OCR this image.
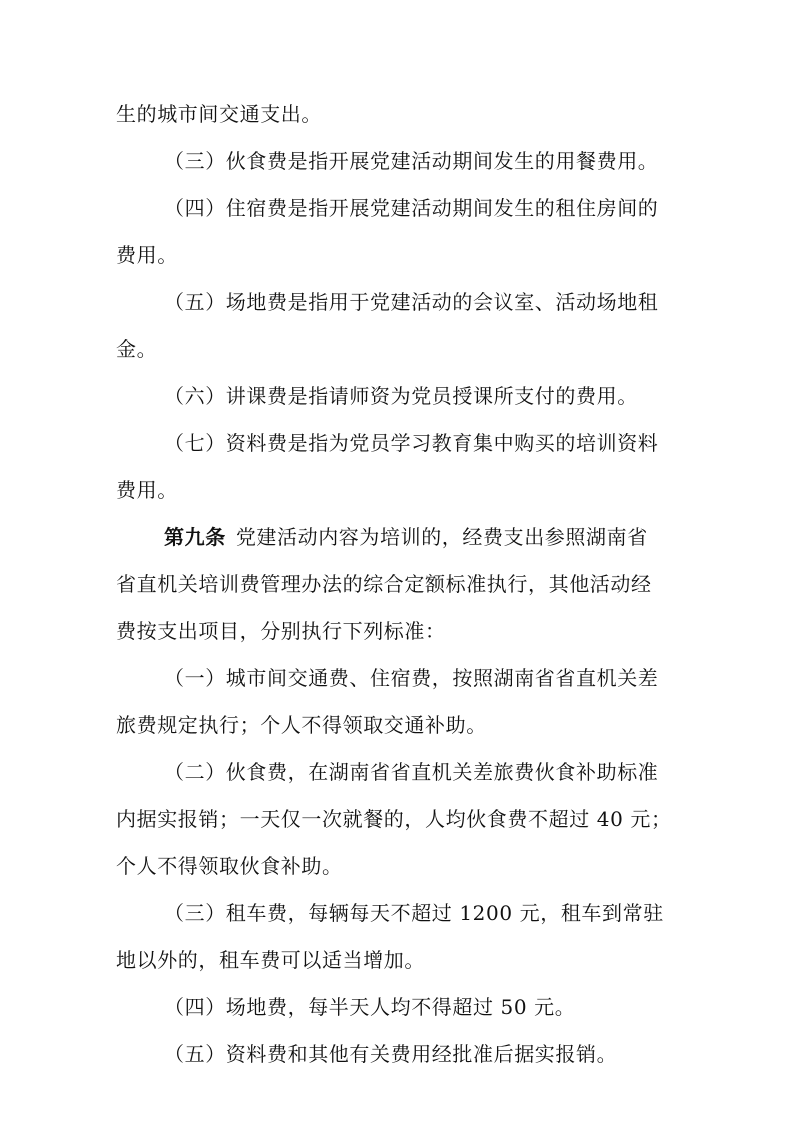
生的城市间交通支出。
（三）伙食费是指开展党建活动期间发生的用餐费用。
（四）住宿费是指开展党建活动期间发生的租住房间的
费用。
（五）场地费是指用于党建活动的会议室、活动场地租
金。
（六）讲课费是指请师资为党员授课所支付的费用。
（七）资料费是指为党员学习教育集中购买的培训资料
费用。
第九条 党建活动内容为培训的，经费支出参照湖南省
省直机关培训费管理办法的综合定额标准执行，其他活动经
费按支出项目，分别执行下列标准：
（一）城市间交通费、住宿费，按照湖南省省直机关差
旅费规定执行；个人不得领取交通补助。
（二）伙食费，在湖南省省直机关差旅费伙食补助标准
内据实报销；一天仅一次就餐的，人均伙食费不超过 40 元；
个人不得领取伙食补助。
（三）租车费，每辆每天不超过 1200 元，租车到常驻
地以外的，租车费可以适当增加。
（四）场地费，每半天人均不得超过 50 元。
（五）资料费和其他有关费用经批准后据实报销。
